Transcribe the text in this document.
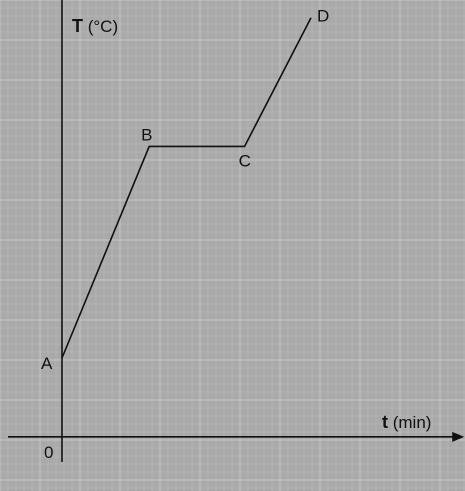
T (°C)
t (min)
0
A
B
C
D
